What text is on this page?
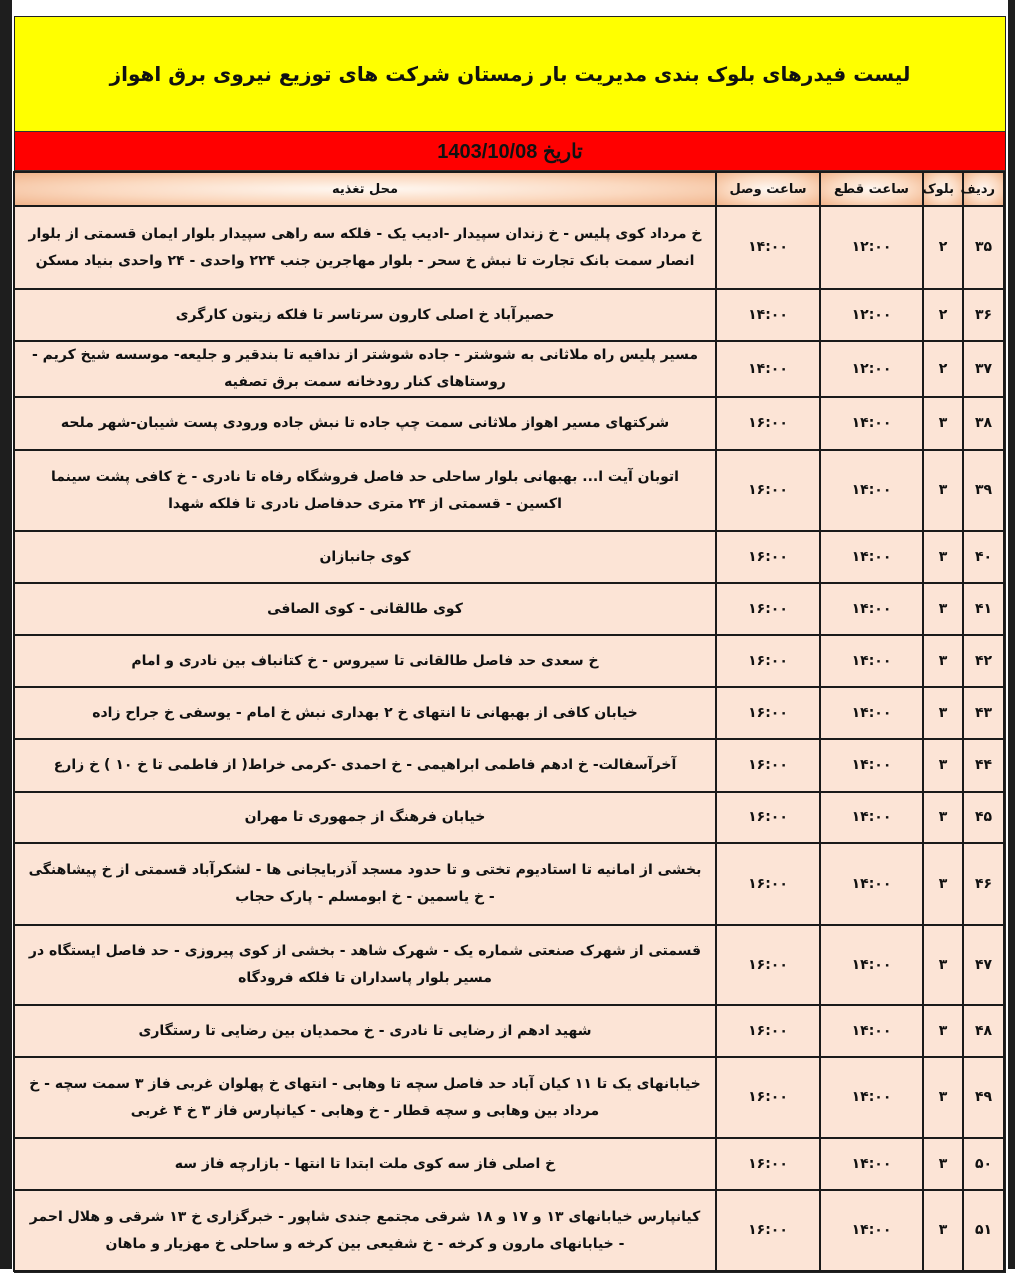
لیست فیدرهای بلوک بندی مدیریت بار زمستان شرکت های توزیع نیروی برق اهواز
تاریخ 1403/10/08
ردیف	بلوک	ساعت قطع	ساعت وصل	محل تغذیه
۳۵	۲	۱۲:۰۰	۱۴:۰۰	خ مرداد کوی پلیس - خ زندان سپیدار -ادیب یک - فلکه سه راهی سپیدار بلوار ایمان قسمتی از بلوار انصار سمت بانک تجارت تا نبش خ سحر - بلوار مهاجرین جنب ۲۲۴ واحدی - ۲۴ واحدی بنیاد مسکن
۳۶	۲	۱۲:۰۰	۱۴:۰۰	حصیرآباد خ اصلی کارون سرتاسر تا فلکه زیتون کارگری
۳۷	۲	۱۲:۰۰	۱۴:۰۰	مسیر پلیس راه ملاثانی به شوشتر - جاده شوشتر از ندافیه تا بندقیر و جلیعه- موسسه شیخ کریم - روستاهای کنار رودخانه سمت برق تصفیه
۳۸	۳	۱۴:۰۰	۱۶:۰۰	شرکتهای مسیر اهواز ملاثانی سمت چپ جاده تا نبش جاده ورودی پست شیبان-شهر ملحه
۳۹	۳	۱۴:۰۰	۱۶:۰۰	اتوبان آیت ا... بهبهانی بلوار ساحلی حد فاصل فروشگاه رفاه تا نادری - خ کافی پشت سینما اکسین - قسمتی از ۲۴ متری حدفاصل نادری تا فلکه شهدا
۴۰	۳	۱۴:۰۰	۱۶:۰۰	کوی جانبازان
۴۱	۳	۱۴:۰۰	۱۶:۰۰	کوی طالقانی - کوی الصافی
۴۲	۳	۱۴:۰۰	۱۶:۰۰	خ سعدی حد فاصل طالقانی تا سیروس - خ کتانباف بین نادری و امام
۴۳	۳	۱۴:۰۰	۱۶:۰۰	خیابان کافی از بهبهانی تا انتهای خ ۲ بهداری نبش خ امام - یوسفی خ جراح زاده
۴۴	۳	۱۴:۰۰	۱۶:۰۰	آخرآسفالت- خ ادهم فاطمی ابراهیمی - خ احمدی -کرمی خراط( از فاطمی تا خ ۱۰ ) خ زارع
۴۵	۳	۱۴:۰۰	۱۶:۰۰	خیابان فرهنگ از جمهوری تا مهران
۴۶	۳	۱۴:۰۰	۱۶:۰۰	بخشی از امانیه تا استادیوم تختی و تا حدود مسجد آذربایجانی ها - لشکرآباد قسمتی از خ پیشاهنگی - خ یاسمین - خ ابومسلم - پارک حجاب
۴۷	۳	۱۴:۰۰	۱۶:۰۰	قسمتی از شهرک صنعتی شماره یک - شهرک شاهد - بخشی از کوی پیروزی - حد فاصل ایستگاه در مسیر بلوار پاسداران تا فلکه فرودگاه
۴۸	۳	۱۴:۰۰	۱۶:۰۰	شهید ادهم از رضایی تا نادری - خ محمدیان بین رضایی تا رستگاری
۴۹	۳	۱۴:۰۰	۱۶:۰۰	خیابانهای یک تا ۱۱ کیان آباد حد فاصل سچه تا وهابی - انتهای خ پهلوان غربی فاز ۳ سمت سچه - خ مرداد بین وهابی و سچه قطار - خ وهابی - کیانپارس فاز ۳ خ ۴ غربی
۵۰	۳	۱۴:۰۰	۱۶:۰۰	خ اصلی فاز سه کوی ملت ابتدا تا انتها - بازارچه فاز سه
۵۱	۳	۱۴:۰۰	۱۶:۰۰	کیانپارس خیابانهای ۱۳ و ۱۷ و ۱۸ شرقی مجتمع جندی شاپور - خبرگزاری خ ۱۳ شرقی و هلال احمر - خیابانهای مارون و کرخه - خ شفیعی بین کرخه و ساحلی خ مهزیار و ماهان
